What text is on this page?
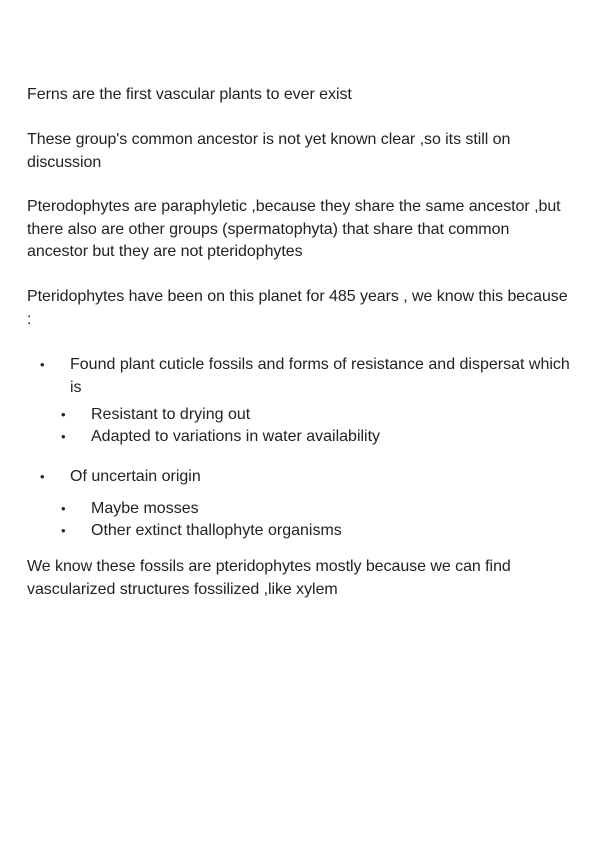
Ferns are the first vascular plants to ever exist

These group's common ancestor is not yet known clear ,so its still on discussion

Pterodophytes are paraphyletic ,because they share the same ancestor ,but there also are other groups (spermatophyta) that share that common ancestor but they are not pteridophytes

Pteridophytes have been on this planet for 485 years , we know this because :

• Found plant cuticle fossils and forms of resistance and dispersat which is
• Resistant to drying out
• Adapted to variations in water availability
• Of uncertain origin
• Maybe mosses
• Other extinct thallophyte organisms

We know these fossils are pteridophytes mostly because we can find vascularized structures fossilized ,like xylem
